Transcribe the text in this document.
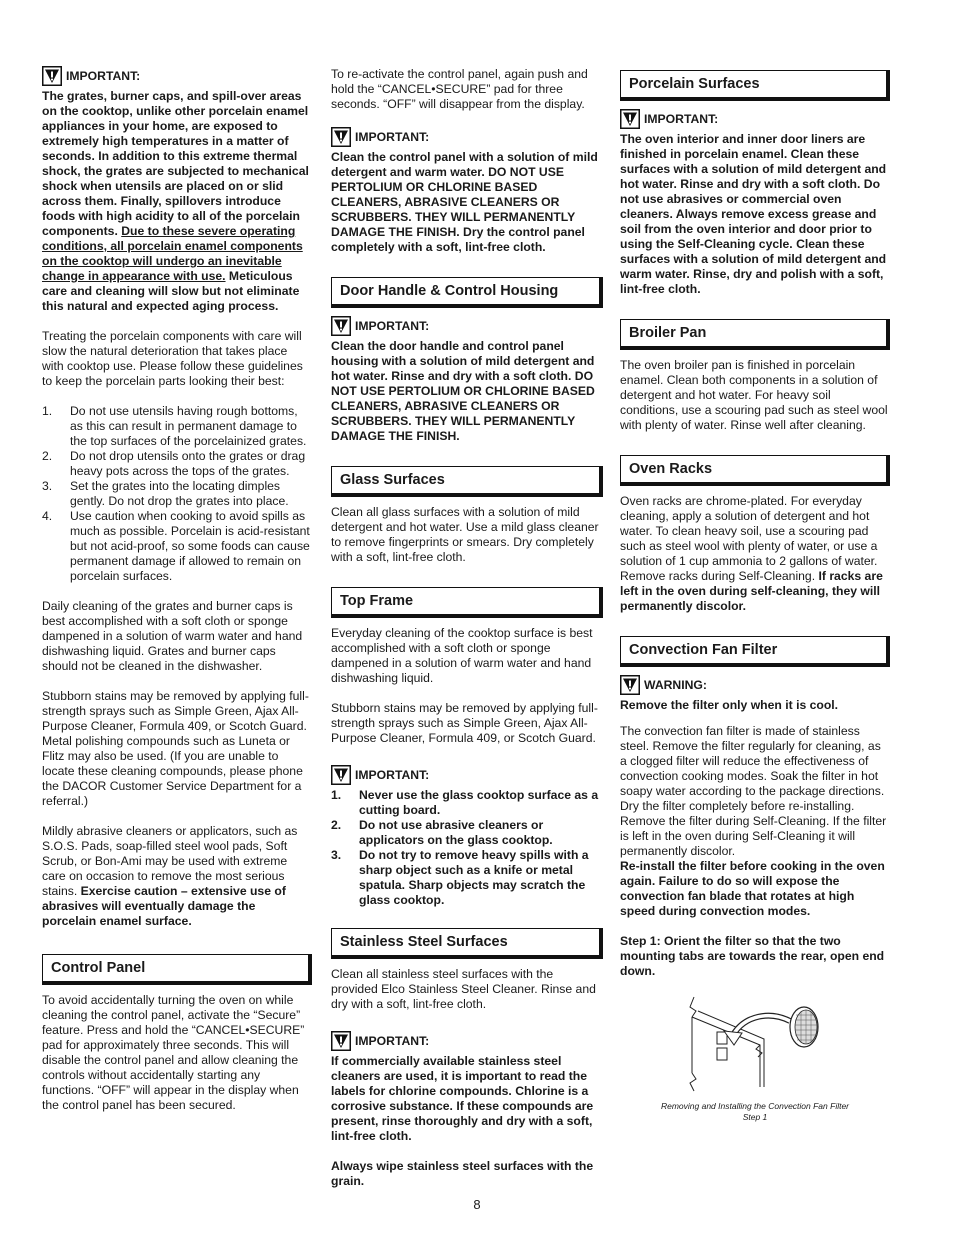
IMPORTANT:

The grates, burner caps, and spill-over areas on the cooktop, unlike other porcelain enamel appliances in your home, are exposed to extremely high temperatures in a matter of seconds. In addition to this extreme thermal shock, the grates are subjected to mechanical shock when utensils are placed on or slid across them. Finally, spillovers introduce foods with high acidity to all of the porcelain components. Due to these severe operating conditions, all porcelain enamel components on the cooktop will undergo an inevitable change in appearance with use. Meticulous care and cleaning will slow but not eliminate this natural and expected aging process.

Treating the porcelain components with care will slow the natural deterioration that takes place with cooktop use. Please follow these guidelines to keep the porcelain parts looking their best:

1. Do not use utensils having rough bottoms, as this can result in permanent damage to the top surfaces of the porcelainized grates.
2. Do not drop utensils onto the grates or drag heavy pots across the tops of the grates.
3. Set the grates into the locating dimples gently. Do not drop the grates into place.
4. Use caution when cooking to avoid spills as much as possible. Porcelain is acid-resistant but not acid-proof, so some foods can cause permanent damage if allowed to remain on porcelain surfaces.

Daily cleaning of the grates and burner caps is best accomplished with a soft cloth or sponge dampened in a solution of warm water and hand dishwashing liquid. Grates and burner caps should not be cleaned in the dishwasher.

Stubborn stains may be removed by applying full-strength sprays such as Simple Green, Ajax All-Purpose Cleaner, Formula 409, or Scotch Guard. Metal polishing compounds such as Luneta or Flitz may also be used. (If you are unable to locate these cleaning compounds, please phone the DACOR Customer Service Department for a referral.)

Mildly abrasive cleaners or applicators, such as S.O.S. Pads, soap-filled steel wool pads, Soft Scrub, or Bon-Ami may be used with extreme care on occasion to remove the most serious stains. Exercise caution – extensive use of abrasives will eventually damage the porcelain enamel surface.

Control Panel

To avoid accidentally turning the oven on while cleaning the control panel, activate the “Secure” feature. Press and hold the “CANCEL•SECURE” pad for approximately three seconds. This will disable the control panel and allow cleaning the controls without accidentally starting any functions. “OFF” will appear in the display when the control panel has been secured.

To re-activate the control panel, again push and hold the “CANCEL•SECURE” pad for three seconds. “OFF” will disappear from the display.

IMPORTANT:

Clean the control panel with a solution of mild detergent and warm water. DO NOT USE PERTOLIUM OR CHLORINE BASED CLEANERS, ABRASIVE CLEANERS OR SCRUBBERS. THEY WILL PERMANENTLY DAMAGE THE FINISH. Dry the control panel completely with a soft, lint-free cloth.

Door Handle & Control Housing
IMPORTANT:

Clean the door handle and control panel housing with a solution of mild detergent and hot water. Rinse and dry with a soft cloth. DO NOT USE PERTOLIUM OR CHLORINE BASED CLEANERS, ABRASIVE CLEANERS OR SCRUBBERS. THEY WILL PERMANENTLY DAMAGE THE FINISH.

Glass Surfaces

Clean all glass surfaces with a solution of mild detergent and hot water. Use a mild glass cleaner to remove fingerprints or smears. Dry completely with a soft, lint-free cloth.

Top Frame

Everyday cleaning of the cooktop surface is best accomplished with a soft cloth or sponge dampened in a solution of warm water and hand dishwashing liquid.

Stubborn stains may be removed by applying full-strength sprays such as Simple Green, Ajax All-Purpose Cleaner, Formula 409, or Scotch Guard.

IMPORTANT:
1. Never use the glass cooktop surface as a cutting board.
2. Do not use abrasive cleaners or applicators on the glass cooktop.
3. Do not try to remove heavy spills with a sharp object such as a knife or metal spatula. Sharp objects may scratch the glass cooktop.
Stainless Steel Surfaces

Clean all stainless steel surfaces with the provided Elco Stainless Steel Cleaner. Rinse and dry with a soft, lint-free cloth.

IMPORTANT:

If commercially available stainless steel cleaners are used, it is important to read the labels for chlorine compounds. Chlorine is a corrosive substance. If these compounds are present, rinse thoroughly and dry with a soft, lint-free cloth.

Always wipe stainless steel surfaces with the grain.

Porcelain Surfaces
IMPORTANT:

The oven interior and inner door liners are finished in porcelain enamel. Clean these surfaces with a solution of mild detergent and hot water. Rinse and dry with a soft cloth. Do not use abrasives or commercial oven cleaners. Always remove excess grease and soil from the oven interior and door prior to using the Self-Cleaning cycle. Clean these surfaces with a solution of mild detergent and warm water. Rinse, dry and polish with a soft, lint-free cloth.

Broiler Pan

The oven broiler pan is finished in porcelain enamel. Clean both components in a solution of detergent and hot water. For heavy soil conditions, use a scouring pad such as steel wool with plenty of water. Rinse well after cleaning.

Oven Racks

Oven racks are chrome-plated. For everyday cleaning, apply a solution of detergent and hot water. To clean heavy soil, use a scouring pad such as steel wool with plenty of water, or use a solution of 1 cup ammonia to 2 gallons of water. Remove racks during Self-Cleaning. If racks are left in the oven during self-cleaning, they will permanently discolor.

Convection Fan Filter
WARNING:

Remove the filter only when it is cool.

The convection fan filter is made of stainless steel. Remove the filter regularly for cleaning, as a clogged filter will reduce the effectiveness of convection cooking modes. Soak the filter in hot soapy water according to the package directions. Dry the filter completely before re-installing. Remove the filter during Self-Cleaning. If the filter is left in the oven during Self-Cleaning it will permanently discolor.
Re-install the filter before cooking in the oven again. Failure to do so will expose the convection fan blade that rotates at high speed during convection modes.

Step 1: Orient the filter so that the two mounting tabs are towards the rear, open end down.

Removing and Installing the Convection Fan Filter
Step 1
8
